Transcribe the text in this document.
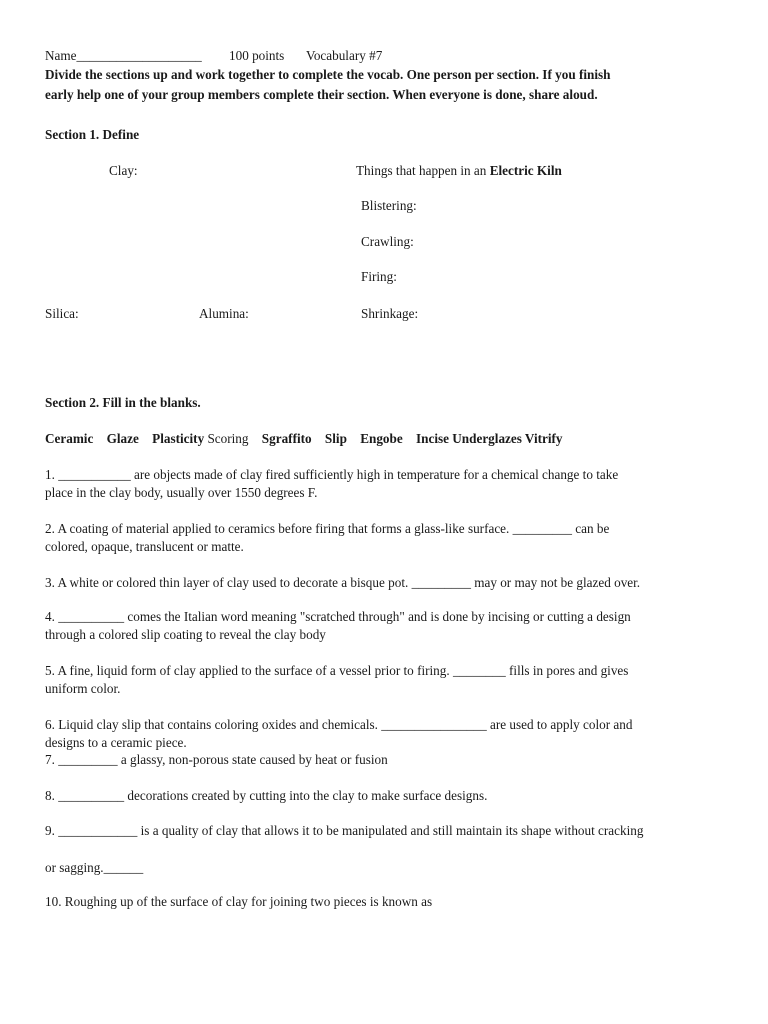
Name___________________ 100 points Vocabulary #7
Divide the sections up and work together to complete the vocab. One person per section. If you finish
early help one of your group members complete their section. When everyone is done, share aloud.
Section 1. Define
Clay:	Things that happen in an Electric Kiln
Blistering:
Crawling:
Firing:
Silica:	Alumina:	Shrinkage:
Section 2. Fill in the blanks.
Ceramic Glaze Plasticity Scoring Sgraffito Slip Engobe Incise Underglazes Vitrify
1. ___________ are objects made of clay fired sufficiently high in temperature for a chemical change to take
place in the clay body, usually over 1550 degrees F.
2. A coating of material applied to ceramics before firing that forms a glass-like surface. _________ can be
colored, opaque, translucent or matte.
3. A white or colored thin layer of clay used to decorate a bisque pot. _________ may or may not be glazed over.
4. __________ comes the Italian word meaning "scratched through" and is done by incising or cutting a design
through a colored slip coating to reveal the clay body
5. A fine, liquid form of clay applied to the surface of a vessel prior to firing. ________ fills in pores and gives
uniform color.
6. Liquid clay slip that contains coloring oxides and chemicals. ________________ are used to apply color and
designs to a ceramic piece.
7. _________ a glassy, non-porous state caused by heat or fusion
8. __________ decorations created by cutting into the clay to make surface designs.
9. ____________ is a quality of clay that allows it to be manipulated and still maintain its shape without cracking
or sagging.______
10. Roughing up of the surface of clay for joining two pieces is known as
